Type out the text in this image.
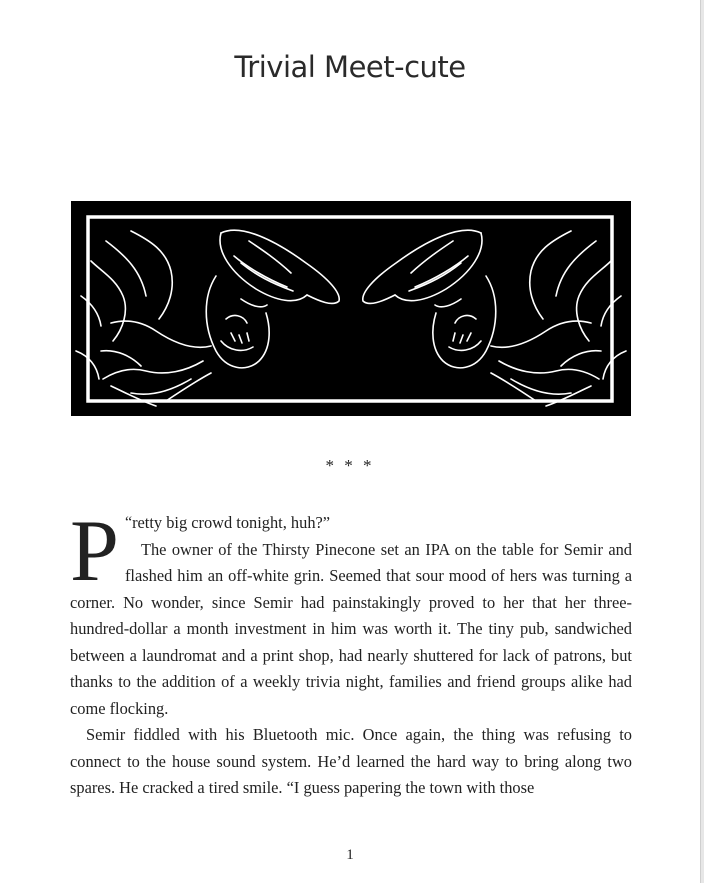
Trivial Meet-cute
* * *

“
P retty big crowd tonight, huh?”

The owner of the Thirsty Pinecone set an IPA on the table for Semir and flashed him an off-white grin. Seemed that sour mood of hers was turning a corner. No wonder, since Semir had painstakingly proved to her that her three-hundred-dollar a month investment in him was worth it. The tiny pub, sandwiched between a laundromat and a print shop, had nearly shuttered for lack of patrons, but thanks to the addition of a weekly trivia night, families and friend groups alike had come flocking.

Semir fiddled with his Bluetooth mic. Once again, the thing was refusing to connect to the house sound system. He’d learned the hard way to bring along two spares. He cracked a tired smile. “I guess papering the town with those

1
